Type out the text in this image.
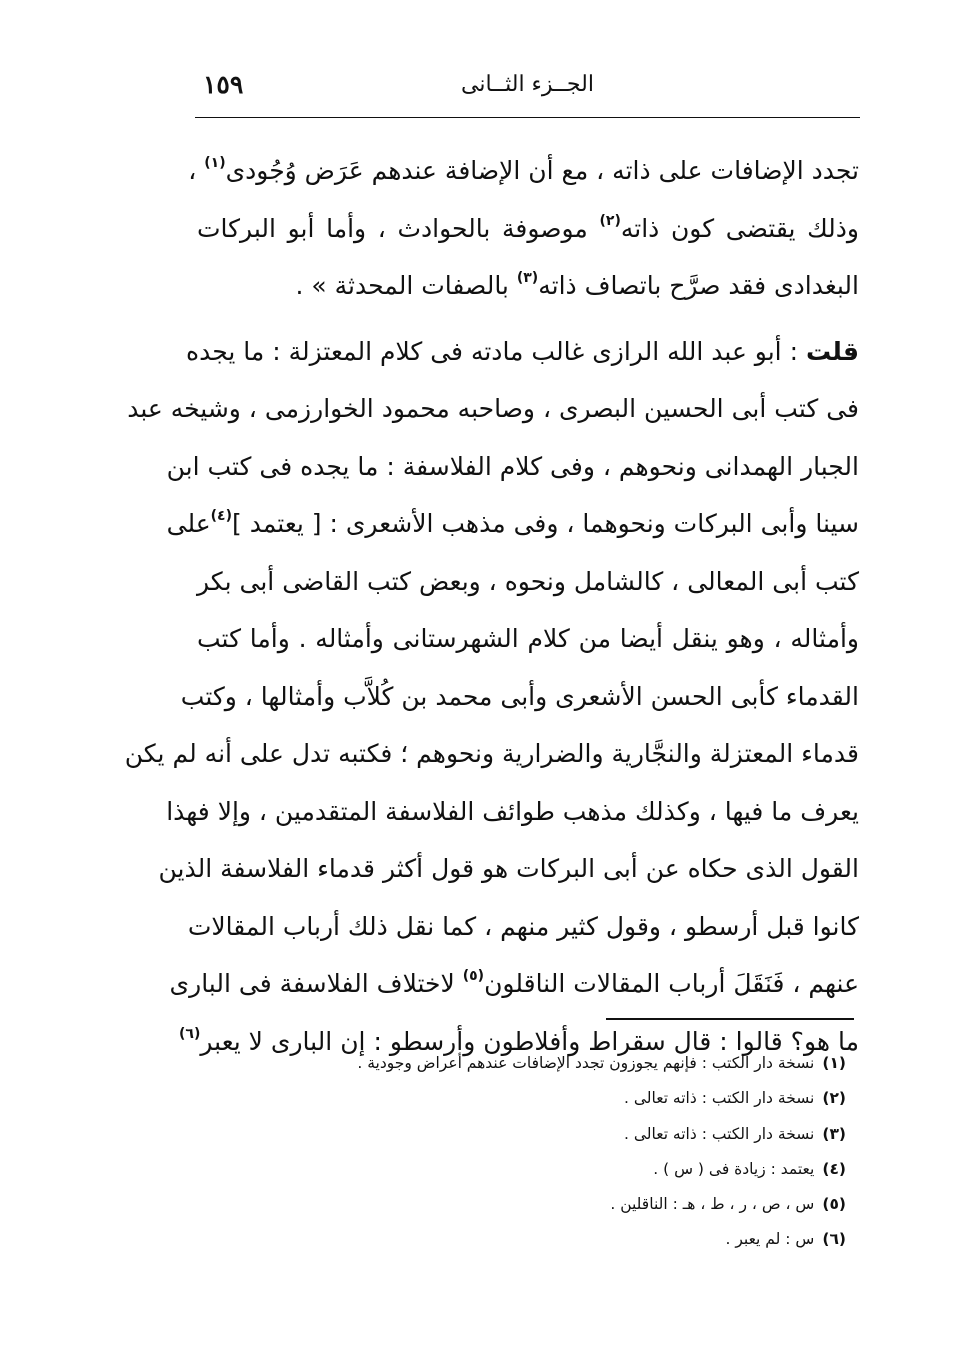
١٥٩	الجــزء الثــانى
تجدد الإضافات على ذاته ، مع أن الإضافة عندهم عَرَض وُجُودى$^{(١)}$ ،
وذلك يقتضى كون ذاته$^{(٢)}$ موصوفة بالحوادث ، وأما أبو البركات
البغدادى فقد صرَّح باتصاف ذاته$^{(٣)}$ بالصفات المحدثة » .
قلت : أبو عبد الله الرازى غالب مادته فى كلام المعتزلة : ما يجده
فى كتب أبى الحسين البصرى ، وصاحبه محمود الخوارزمى ، وشيخه عبد
الجبار الهمدانى ونحوهم ، وفى كلام الفلاسفة : ما يجده فى كتب ابن
سينا وأبى البركات ونحوهما ، وفى مذهب الأشعرى : [ يعتمد ]$^{(٤)}$على
كتب أبى المعالى ، كالشامل ونحوه ، وبعض كتب القاضى أبى بكر
وأمثاله ، وهو ينقل أيضا من كلام الشهرستانى وأمثاله . وأما كتب
القدماء كأبى الحسن الأشعرى وأبى محمد بن كُلاَّب وأمثالها ، وكتب
قدماء المعتزلة والنجَّارية والضرارية ونحوهم ؛ فكتبه تدل على أنه لم يكن
يعرف ما فيها ، وكذلك مذهب طوائف الفلاسفة المتقدمين ، وإلا فهذا
القول الذى حكاه عن أبى البركات هو قول أكثر قدماء الفلاسفة الذين
كانوا قبل أرسطو ، وقول كثير منهم ، كما نقل ذلك أرباب المقالات
عنهم ، فَنَقَلَ أرباب المقالات الناقلون$^{(٥)}$ لاختلاف الفلاسفة فى البارى
ما هو؟ قالوا : قال سقراط وأفلاطون وأرسطو : إن البارى لا يعبر$^{(٦)}$
(١)نسخة دار الكتب : فإنهم يجوزون تجدد الإضافات عندهم أعراض وجودية .
(٢)نسخة دار الكتب : ذاته تعالى .
(٣)نسخة دار الكتب : ذاته تعالى .
(٤)يعتمد : زيادة فى ( س ) .
(٥)س ، ص ، ر ، ط ، هـ : الناقلين .
(٦)س : لم يعبر .
